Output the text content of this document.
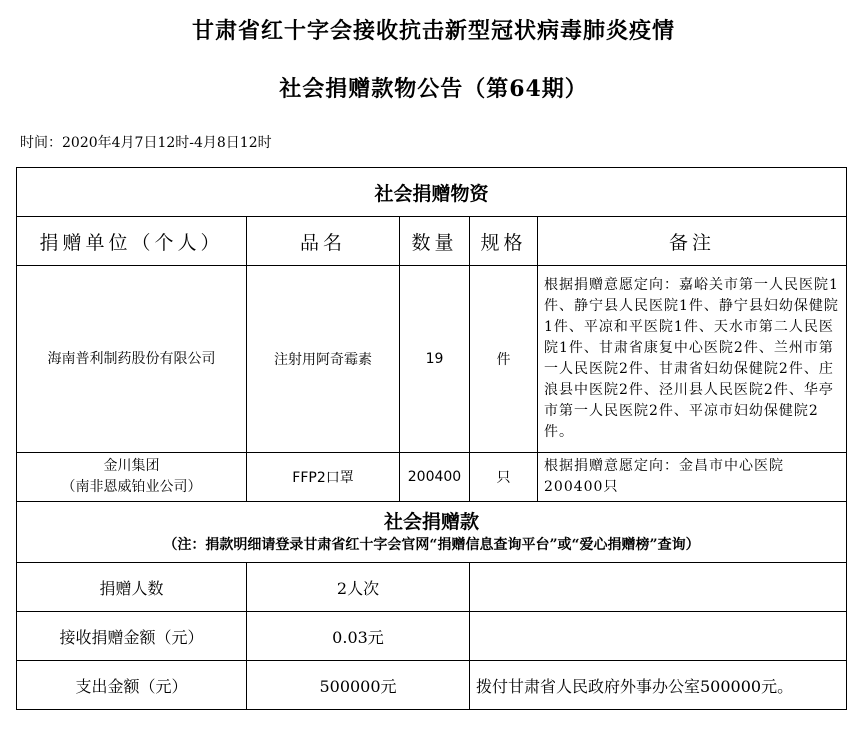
甘肃省红十字会接收抗击新型冠状病毒肺炎疫情
社会捐赠款物公告（第64期）
时间：2020年4月7日12时-4月8日12时
社会捐赠物资				
捐赠单位（个人）	品名	数量	规格	备注
海南普利制药股份有限公司	注射用阿奇霉素	19	件	根据捐赠意愿定向：嘉峪关市第一人民医院1件、静宁县人民医院1件、静宁县妇幼保健院1件、平凉和平医院1件、天水市第二人民医院1件、甘肃省康复中心医院2件、兰州市第一人民医院2件、甘肃省妇幼保健院2件、庄浪县中医院2件、泾川县人民医院2件、华亭市第一人民医院2件、平凉市妇幼保健院2件。

金川集团
（南非恩威铂业公司）	FFP2口罩	200400	只	根据捐赠意愿定向：金昌市中心医院200400只

社会捐赠款
（注：捐款明细请登录甘肃省红十字会官网“捐赠信息查询平台”或“爱心捐赠榜”查询）				

捐赠人数	2人次			
接收捐赠金额（元）	0.03元			
支出金额（元）	500000元		拨付甘肃省人民政府外事办公室500000元。	
